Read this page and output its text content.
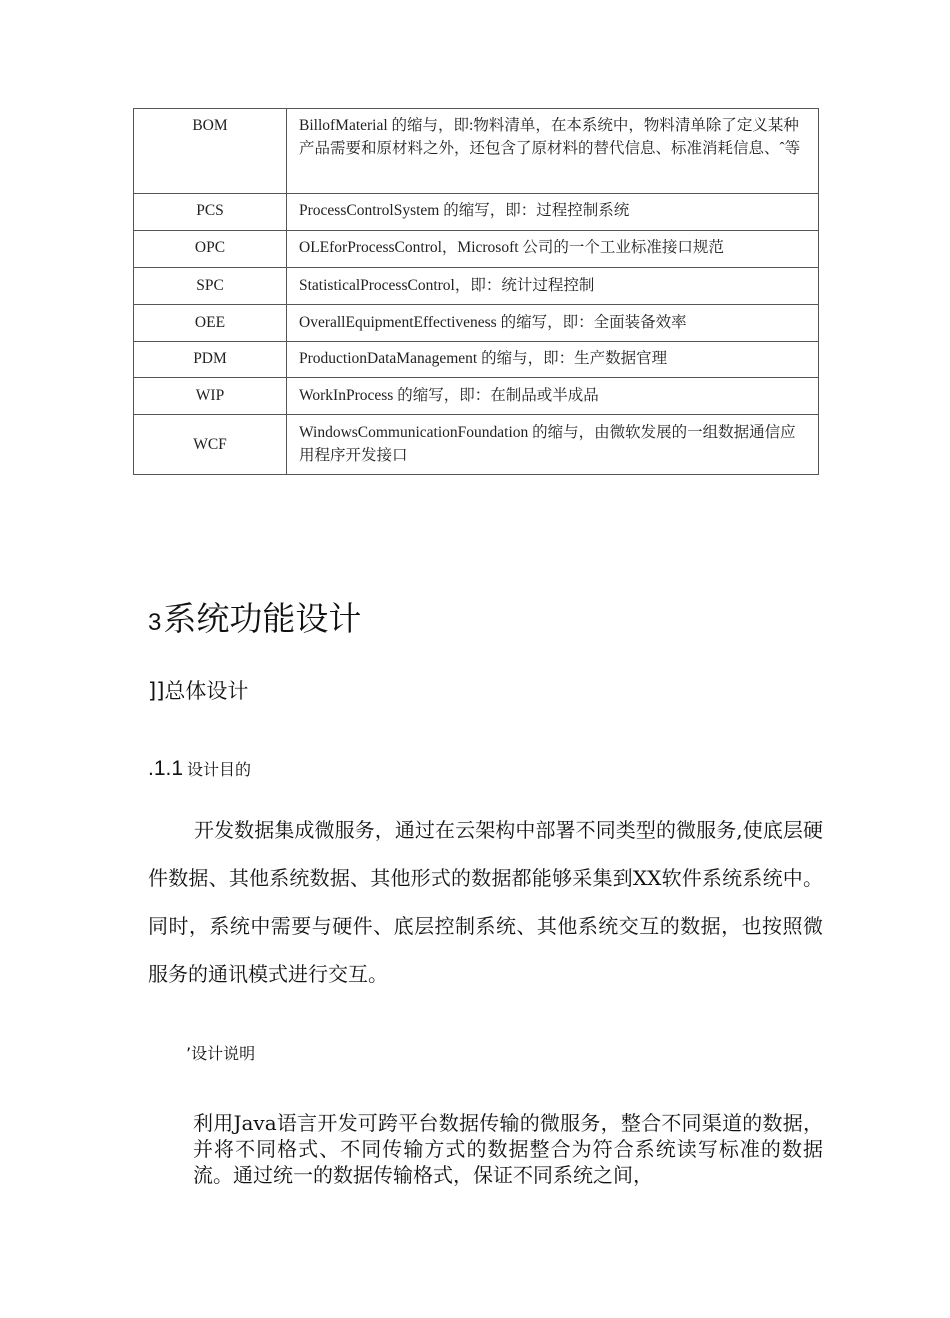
BOM	BillofMaterial 的缩与，即:物料清单，在本系统中，物料清单除了定义某种产品需要和原材料之外，还包含了原材料的替代信息、标准消耗信息、ˆ等
PCS	ProcessControlSystem 的缩写，即：过程控制系统
OPC	OLEforProcessControl，Microsoft 公司的一个工业标准接口规范
SPC	StatisticalProcessControl，即：统计过程控制
OEE	OverallEquipmentEffectiveness 的缩写，即：全面装备效率
PDM	ProductionDataManagement 的缩与，即：生产数据官理
WIP	WorkInProcess 的缩写，即：在制品或半成品
WCF	WindowsCommunicationFoundation 的缩与，由微软发展的一组数据通信应用程序开发接口
3系统功能设计
]]总体设计
.1.1 设计目的

开发数据集成微服务，通过在云架构中部署不同类型的微服务,使底层硬件数据、其他系统数据、其他形式的数据都能够采集到XX软件系统系统中。同时，系统中需要与硬件、底层控制系统、其他系统交互的数据，也按照微服务的通讯模式进行交互。

’设计说明

利用Java语言开发可跨平台数据传输的微服务，整合不同渠道的数据，并将不同格式、不同传输方式的数据整合为符合系统读写标准的数据流。通过统一的数据传输格式，保证不同系统之间，
